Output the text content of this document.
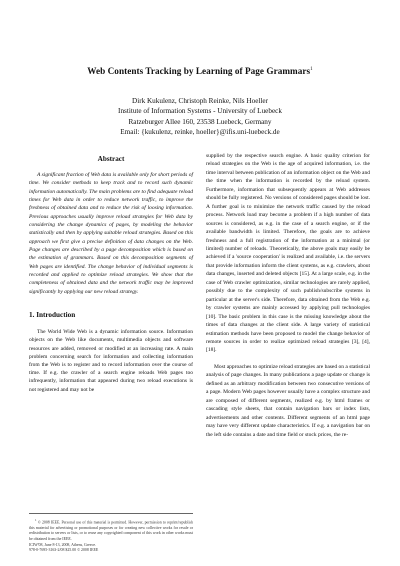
Web Contents Tracking by Learning of Page Grammars$^1$
Dirk Kukulenz, Christoph Reinke, Nils Hoeller
Institute of Information Systems - University of Luebeck
Ratzeburger Allee 160, 23538 Luebeck, Germany
Email: {kukulenz, reinke, hoeller}@ifis.uni-luebeck.de
Abstract

A significant fraction of Web data is available only for short periods of time. We consider methods to keep track and to record such dynamic information automatically. The main problems are to find adequate reload times for Web data in order to reduce network traffic, to improve the freshness of obtained data and to reduce the risk of loosing information. Previous approaches usually improve reload strategies for Web data by considering the change dynamics of pages, by modeling the behavior statistically and then by applying suitable reload strategies. Based on this approach we first give a precise definition of data changes on the Web. Page changes are described by a page decomposition which is based on the estimation of grammars. Based on this decomposition segments of Web pages are identified. The change behavior of individual segments is recorded and applied to optimize reload strategies. We show that the completeness of obtained data and the network traffic may be improved significantly by applying our new reload strategy.

1. Introduction

The World Wide Web is a dynamic information source. Information objects on the Web like documents, multimedia objects and software resources are added, removed or modified at an increasing rate. A main problem concerning search for information and collecting information from the Web is to register and to record information over the course of time. If e.g. the crawler of a search engine reloads Web pages too infrequently, information that appeared during two reload executions is not registered and may not be

supplied by the respective search engine. A basic quality criterion for reload strategies on the Web is the age of acquired information, i.e. the time interval between publication of an information object on the Web and the time when the information is recorded by the reload system. Furthermore, information that subsequently appears at Web addresses should be fully registered. No versions of considered pages should be lost. A further goal is to minimize the network traffic caused by the reload process. Network load may become a problem if a high number of data sources is considered, as e.g. in the case of a search engine, or if the available bandwidth is limited. Therefore, the goals are to achieve freshness and a full registration of the information at a minimal (or limited) number of reloads. Theoretically, the above goals may easily be achieved if a 'source cooperation' is realized and available, i.e. the servers that provide information inform the client systems, as e.g. crawlers, about data changes, inserted and deleted objects [15]. At a large scale, e.g. in the case of Web crawler optimization, similar technologies are rarely applied, possibly due to the complexity of such publish/subscribe systems in particular at the server's side. Therefore, data obtained from the Web e.g. by crawler systems are mainly accessed by applying pull technologies [10]. The basic problem in this case is the missing knowledge about the times of data changes at the client side. A large variety of statistical estimation methods have been proposed to model the change behavior of remote sources in order to realize optimized reload strategies [3], [4], [18].

Most approaches to optimize reload strategies are based on a statistical analysis of page changes. In many publications a page update or change is defined as an arbitrary modification between two consecutive versions of a page. Modern Web pages however usually have a complex structure and are composed of different segments, realized e.g. by html frames or cascading style sheets, that contain navigation bars or index lists, advertisements and other contents. Different segments of an html page may have very different update characteristics. If e.g. a navigation bar on the left side contains a date and time field or stock prices, the re-

$^1$ © 2008 IEEE. Personal use of this material is permitted. However, permission to reprint/republish this material for advertising or promotional purposes or for creating new collective works for resale or redistribution to servers or lists, or to reuse any copyrighted component of this work in other works must be obtained from the IEEE.
ICIW'08, June 8-13, 2008, Athens, Greece.
978-0-7695-3163-2/08 $25.00 © 2008 IEEE
